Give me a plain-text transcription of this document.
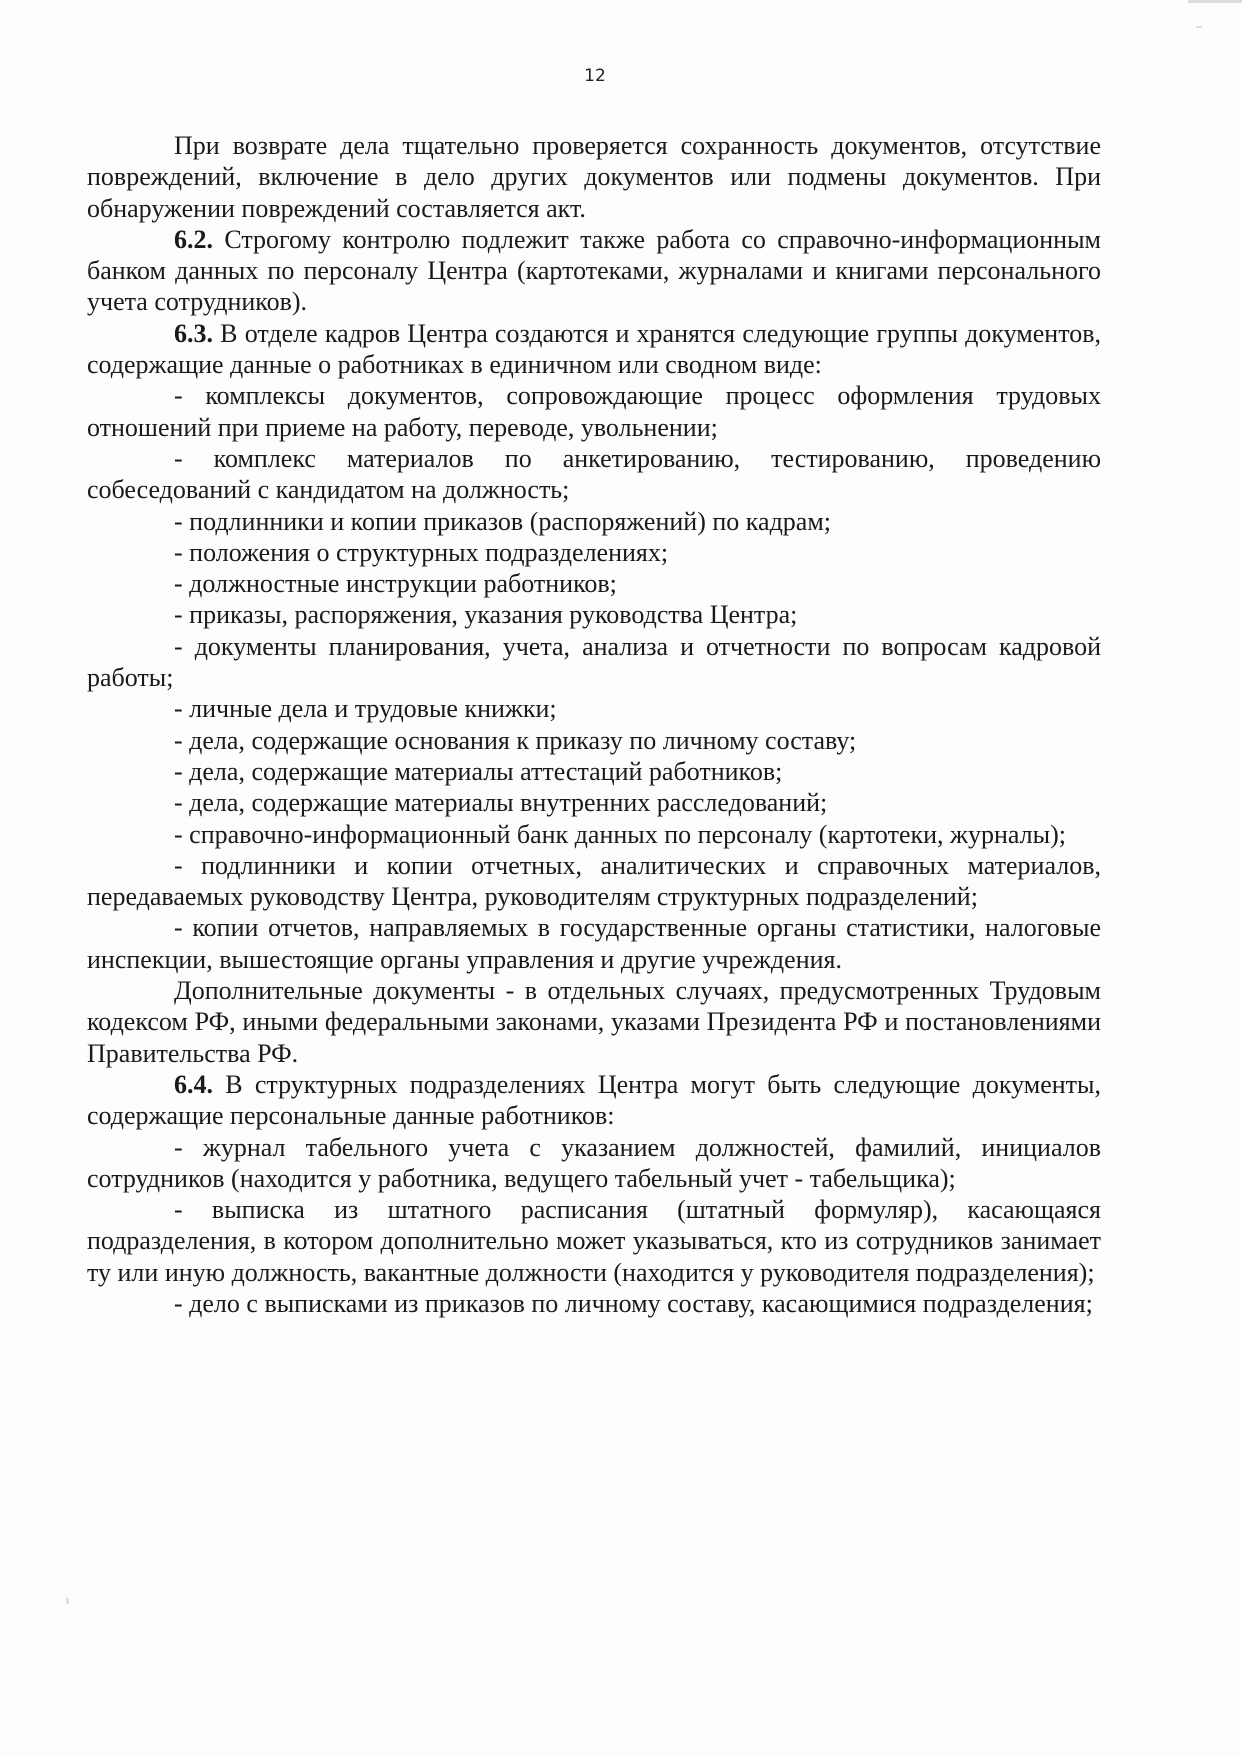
12

При возврате дела тщательно проверяется сохранность документов, отсутствие повреждений, включение в дело других документов или подмены документов. При обнаружении повреждений составляется акт.

6.2. Строгому контролю подлежит также работа со справочно-информационным банком данных по персоналу Центра (картотеками, журналами и книгами персонального учета сотрудников).

6.3. В отделе кадров Центра создаются и хранятся следующие группы документов, содержащие данные о работниках в единичном или сводном виде:

- комплексы документов, сопровождающие процесс оформления трудовых отношений при приеме на работу, переводе, увольнении;

- комплекс материалов по анкетированию, тестированию, проведению собеседований с кандидатом на должность;

- подлинники и копии приказов (распоряжений) по кадрам;

- положения о структурных подразделениях;

- должностные инструкции работников;

- приказы, распоряжения, указания руководства Центра;

- документы планирования, учета, анализа и отчетности по вопросам кадровой работы;

- личные дела и трудовые книжки;

- дела, содержащие основания к приказу по личному составу;

- дела, содержащие материалы аттестаций работников;

- дела, содержащие материалы внутренних расследований;

- справочно-информационный банк данных по персоналу (картотеки, журналы);

- подлинники и копии отчетных, аналитических и справочных материалов, передаваемых руководству Центра, руководителям структурных подразделений;

- копии отчетов, направляемых в государственные органы статистики, налоговые инспекции, вышестоящие органы управления и другие учреждения.

Дополнительные документы - в отдельных случаях, предусмотренных Трудовым кодексом РФ, иными федеральными законами, указами Президента РФ и постановлениями Правительства РФ.

6.4. В структурных подразделениях Центра могут быть следующие документы, содержащие персональные данные работников:

- журнал табельного учета с указанием должностей, фамилий, инициалов сотрудников (находится у работника, ведущего табельный учет - табельщика);

- выписка из штатного расписания (штатный формуляр), касающаяся подразделения, в котором дополнительно может указываться, кто из сотрудников занимает ту или иную должность, вакантные должности (находится у руководителя подразделения);

- дело с выписками из приказов по личному составу, касающимися подразделения;
